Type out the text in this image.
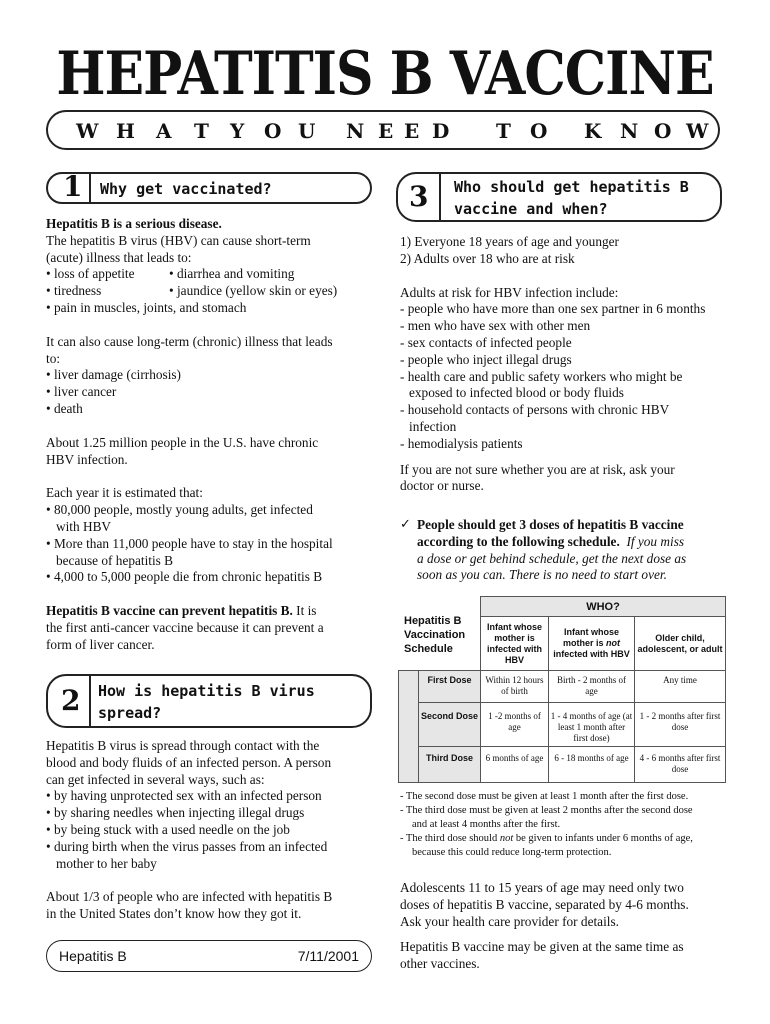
HEPATITIS B VACCINE
W H A T Y O U N E E D T O K N O W
1 Why get vaccinated?

Hepatitis B is a serious disease.

The hepatitis B virus (HBV) can cause short-term

(acute) illness that leads to:

• loss of appetite	• diarrhea and vomiting

• tiredness	• jaundice (yellow skin or eyes)

• pain in muscles, joints, and stomach

It can also cause long-term (chronic) illness that leads

to:

• liver damage (cirrhosis)

• liver cancer

• death

About 1.25 million people in the U.S. have chronic

HBV infection.

Each year it is estimated that:

• 80,000 people, mostly young adults, get infected

with HBV

• More than 11,000 people have to stay in the hospital

because of hepatitis B

• 4,000 to 5,000 people die from chronic hepatitis B

Hepatitis B vaccine can prevent hepatitis B. It is

the first anti-cancer vaccine because it can prevent a

form of liver cancer.

2 How is hepatitis B virus
spread?

Hepatitis B virus is spread through contact with the

blood and body fluids of an infected person. A person

can get infected in several ways, such as:

• by having unprotected sex with an infected person

• by sharing needles when injecting illegal drugs

• by being stuck with a used needle on the job

• during birth when the virus passes from an infected

mother to her baby

About 1/3 of people who are infected with hepatitis B

in the United States don’t know how they got it.

Hepatitis B	7/11/2001
3 Who should get hepatitis B
vaccine and when?

1) Everyone 18 years of age and younger

2) Adults over 18 who are at risk

Adults at risk for HBV infection include:

- people who have more than one sex partner in 6 months

- men who have sex with other men

- sex contacts of infected people

- people who inject illegal drugs

- health care and public safety workers who might be

exposed to infected blood or body fluids

- household contacts of persons with chronic HBV

infection

- hemodialysis patients

If you are not sure whether you are at risk, ask your

doctor or nurse.

✓ People should get 3 doses of hepatitis B vaccine

according to the following schedule. If you miss

a dose or get behind schedule, get the next dose as

soon as you can. There is no need to start over.

Hepatitis B
Vaccination
Schedule
		WHO?		
		Infant whose mother is infected with HBV	Infant whose mother is not infected with HBV	Older child, adolescent, or adult
	First Dose	Within 12 hours of birth	Birth - 2 months of age	Any time
	Second Dose	1 -2 months of age	1 - 4 months of age (at least 1 month after first dose)	1 - 2 months after first dose
	Third Dose	6 months of age	6 - 18 months of age	4 - 6 months after first dose
- The second dose must be given at least 1 month after the first dose.
- The third dose must be given at least 2 months after the second dose
and at least 4 months after the first.
- The third dose should not be given to infants under 6 months of age,
because this could reduce long-term protection.

Adolescents 11 to 15 years of age may need only two

doses of hepatitis B vaccine, separated by 4-6 months.

Ask your health care provider for details.

Hepatitis B vaccine may be given at the same time as

other vaccines.
